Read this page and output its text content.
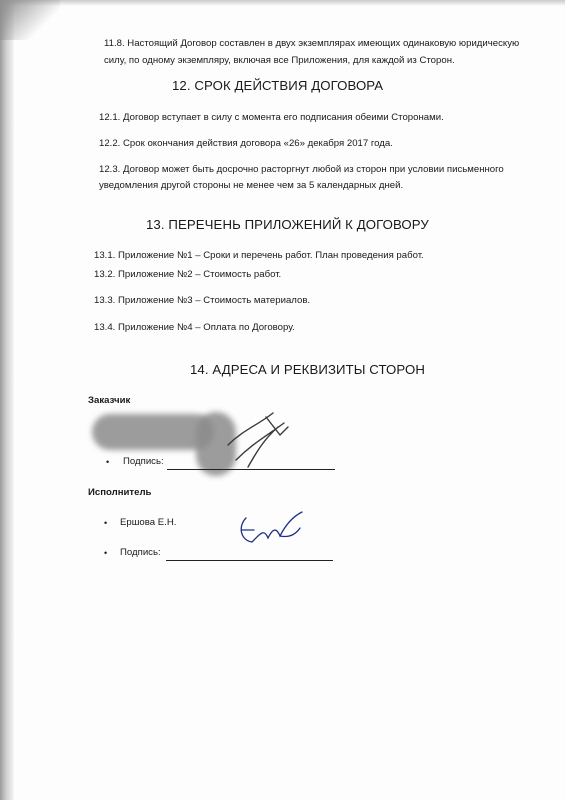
11.8. Настоящий Договор составлен в двух экземплярах имеющих одинаковую юридическую
силу, по одному экземпляру, включая все Приложения, для каждой из Сторон.
12. СРОК ДЕЙСТВИЯ ДОГОВОРА
12.1. Договор вступает в силу с момента его подписания обеими Сторонами.
12.2. Срок окончания действия договора «26» декабря 2017 года.
12.3. Договор может быть досрочно расторгнут любой из сторон при условии письменного
уведомления другой стороны не менее чем за 5 календарных дней.
13. ПЕРЕЧЕНЬ ПРИЛОЖЕНИЙ К ДОГОВОРУ
13.1. Приложение №1 – Сроки и перечень работ. План проведения работ.
13.2. Приложение №2 – Стоимость работ.
13.3. Приложение №3 – Стоимость материалов.
13.4. Приложение №4 – Оплата по Договору.
14. АДРЕСА И РЕКВИЗИТЫ СТОРОН
Заказчик
• Подпись:
Исполнитель
• Ершова Е.Н.
• Подпись:
